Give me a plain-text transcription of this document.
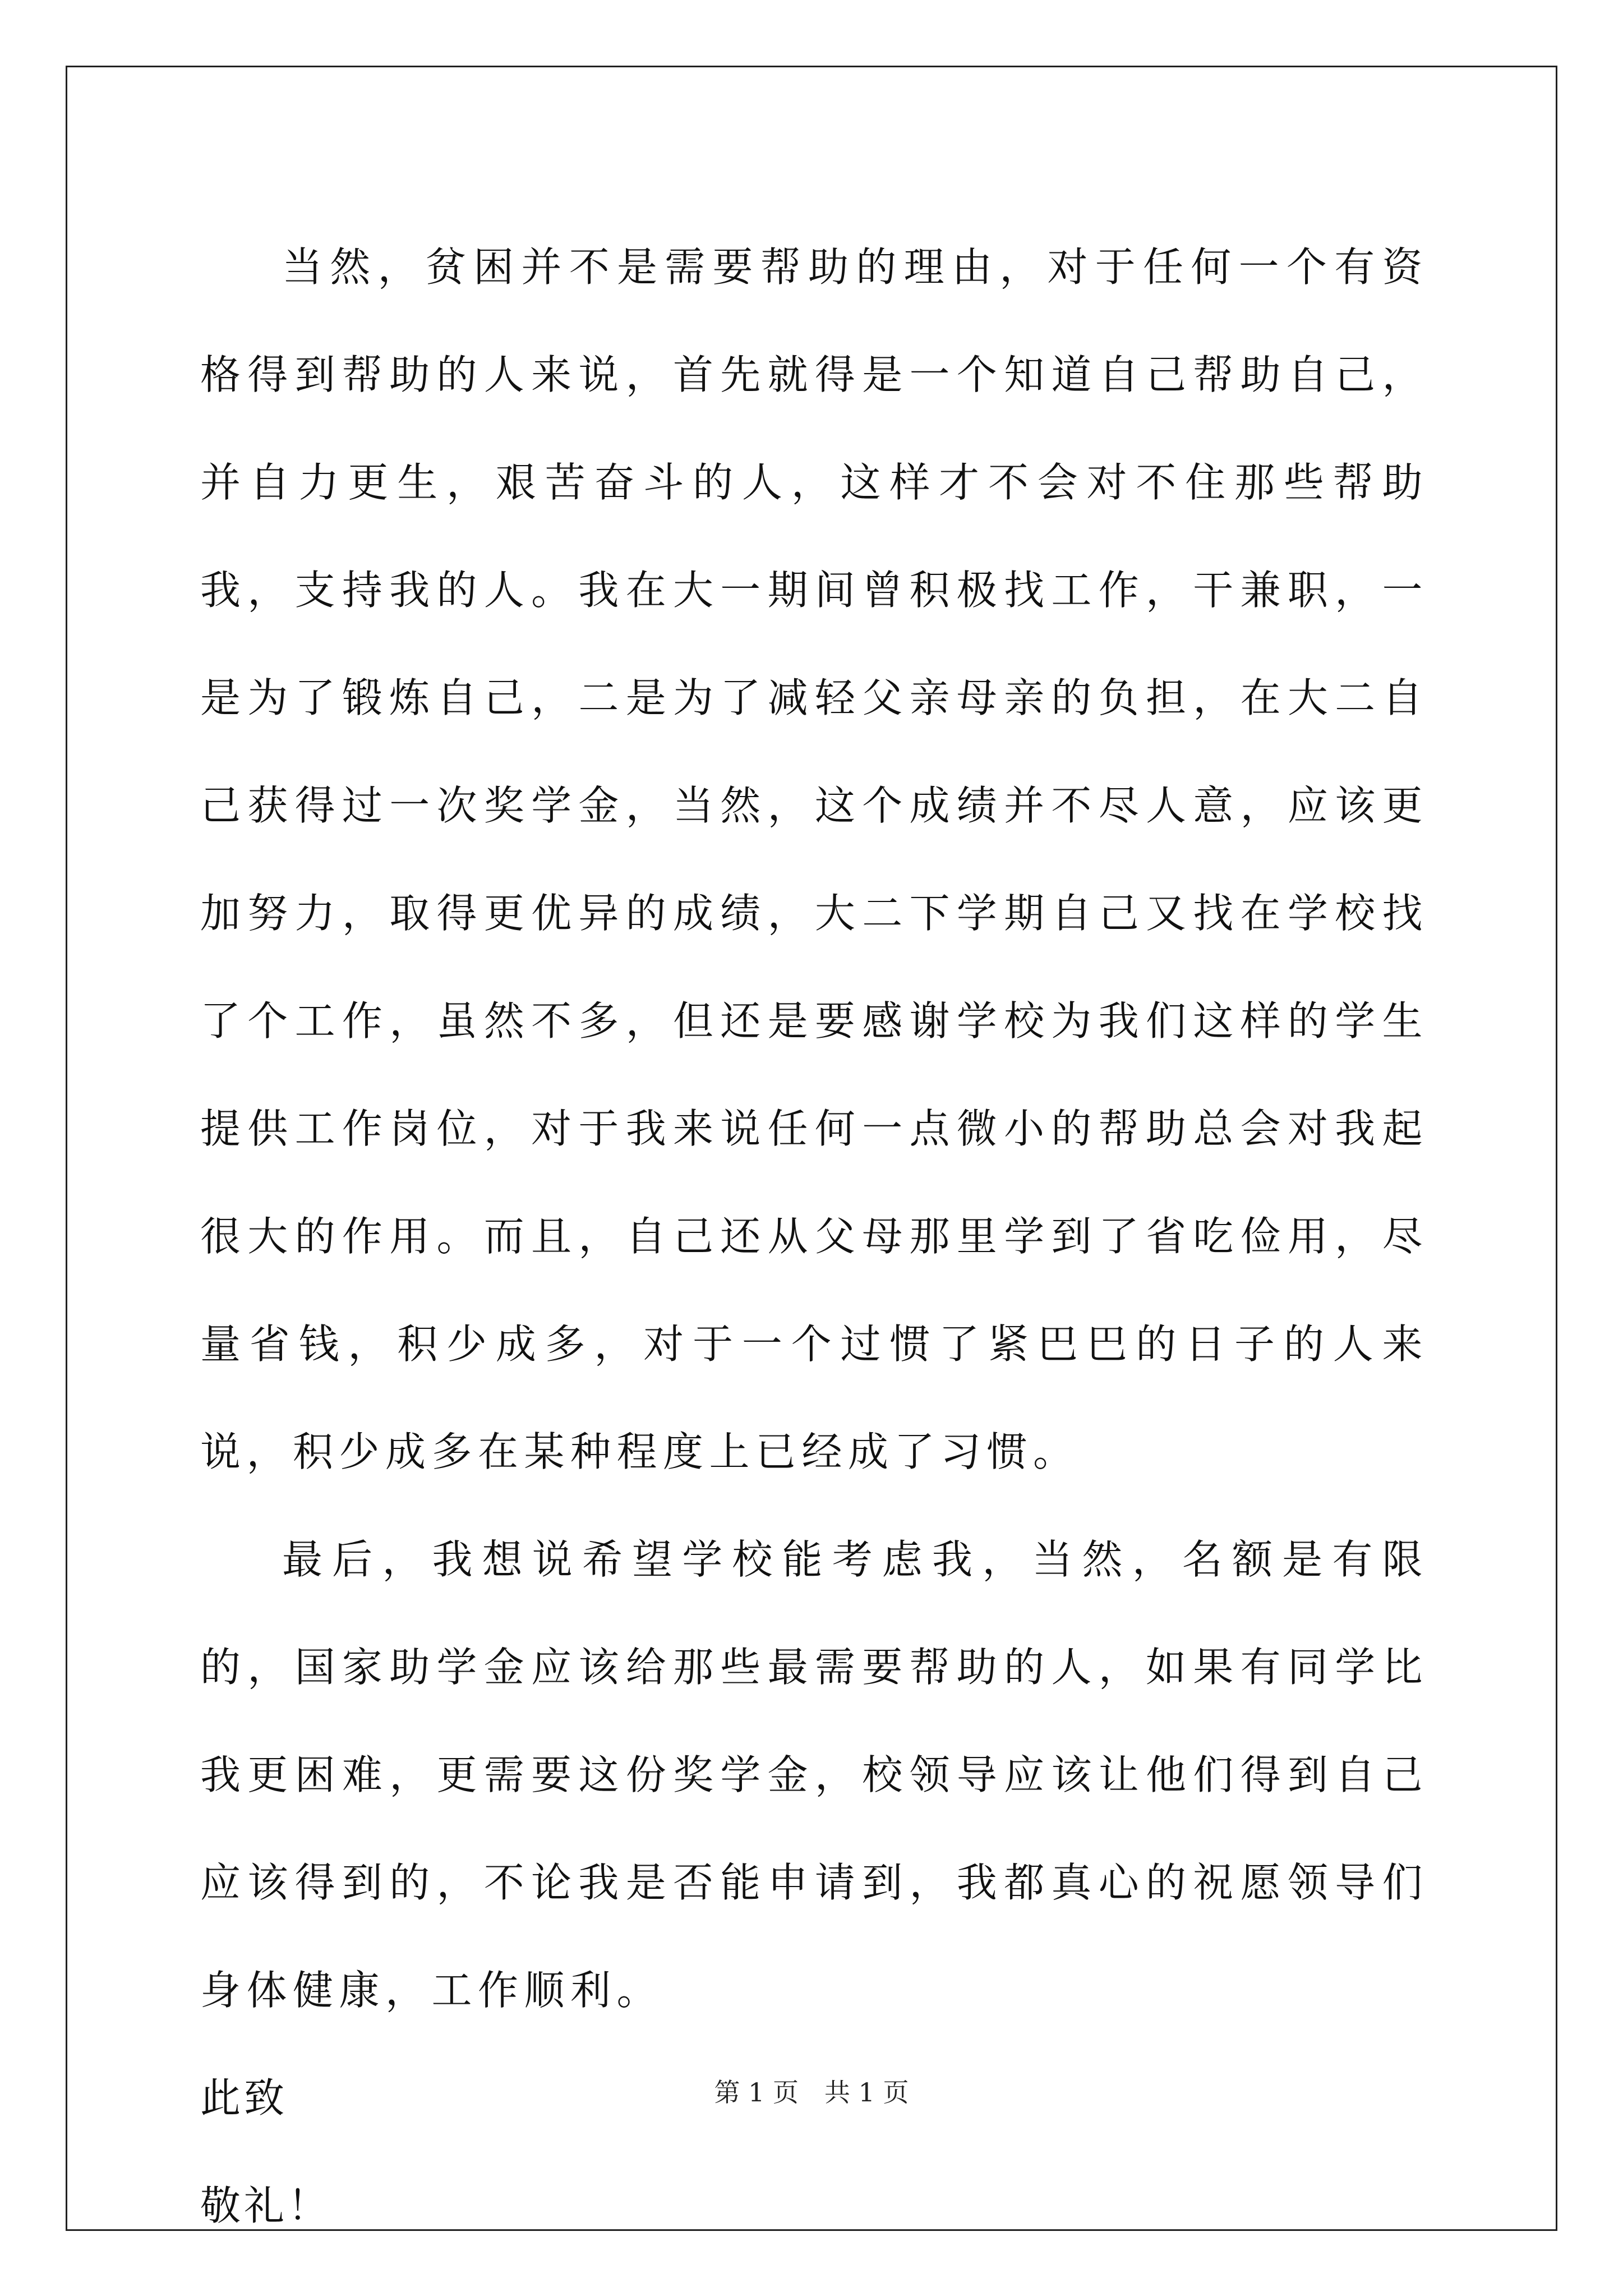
当然，贫困并不是需要帮助的理由，对于任何一个有资格得到帮助的人来说，首先就得是一个知道自己帮助自己，并自力更生，艰苦奋斗的人，这样才不会对不住那些帮助我，支持我的人。我在大一期间曾积极找工作，干兼职，一是为了锻炼自己，二是为了减轻父亲母亲的负担，在大二自己获得过一次奖学金，当然，这个成绩并不尽人意，应该更加努力，取得更优异的成绩，大二下学期自己又找在学校找了个工作，虽然不多，但还是要感谢学校为我们这样的学生提供工作岗位，对于我来说任何一点微小的帮助总会对我起很大的作用。而且，自己还从父母那里学到了省吃俭用，尽量省钱，积少成多，对于一个过惯了紧巴巴的日子的人来说，积少成多在某种程度上已经成了习惯。

最后，我想说希望学校能考虑我，当然，名额是有限的，国家助学金应该给那些最需要帮助的人，如果有同学比我更困难，更需要这份奖学金，校领导应该让他们得到自己应该得到的，不论我是否能申请到，我都真心的祝愿领导们身体健康，工作顺利。

此致

敬礼！

第 1 页　共 1 页
